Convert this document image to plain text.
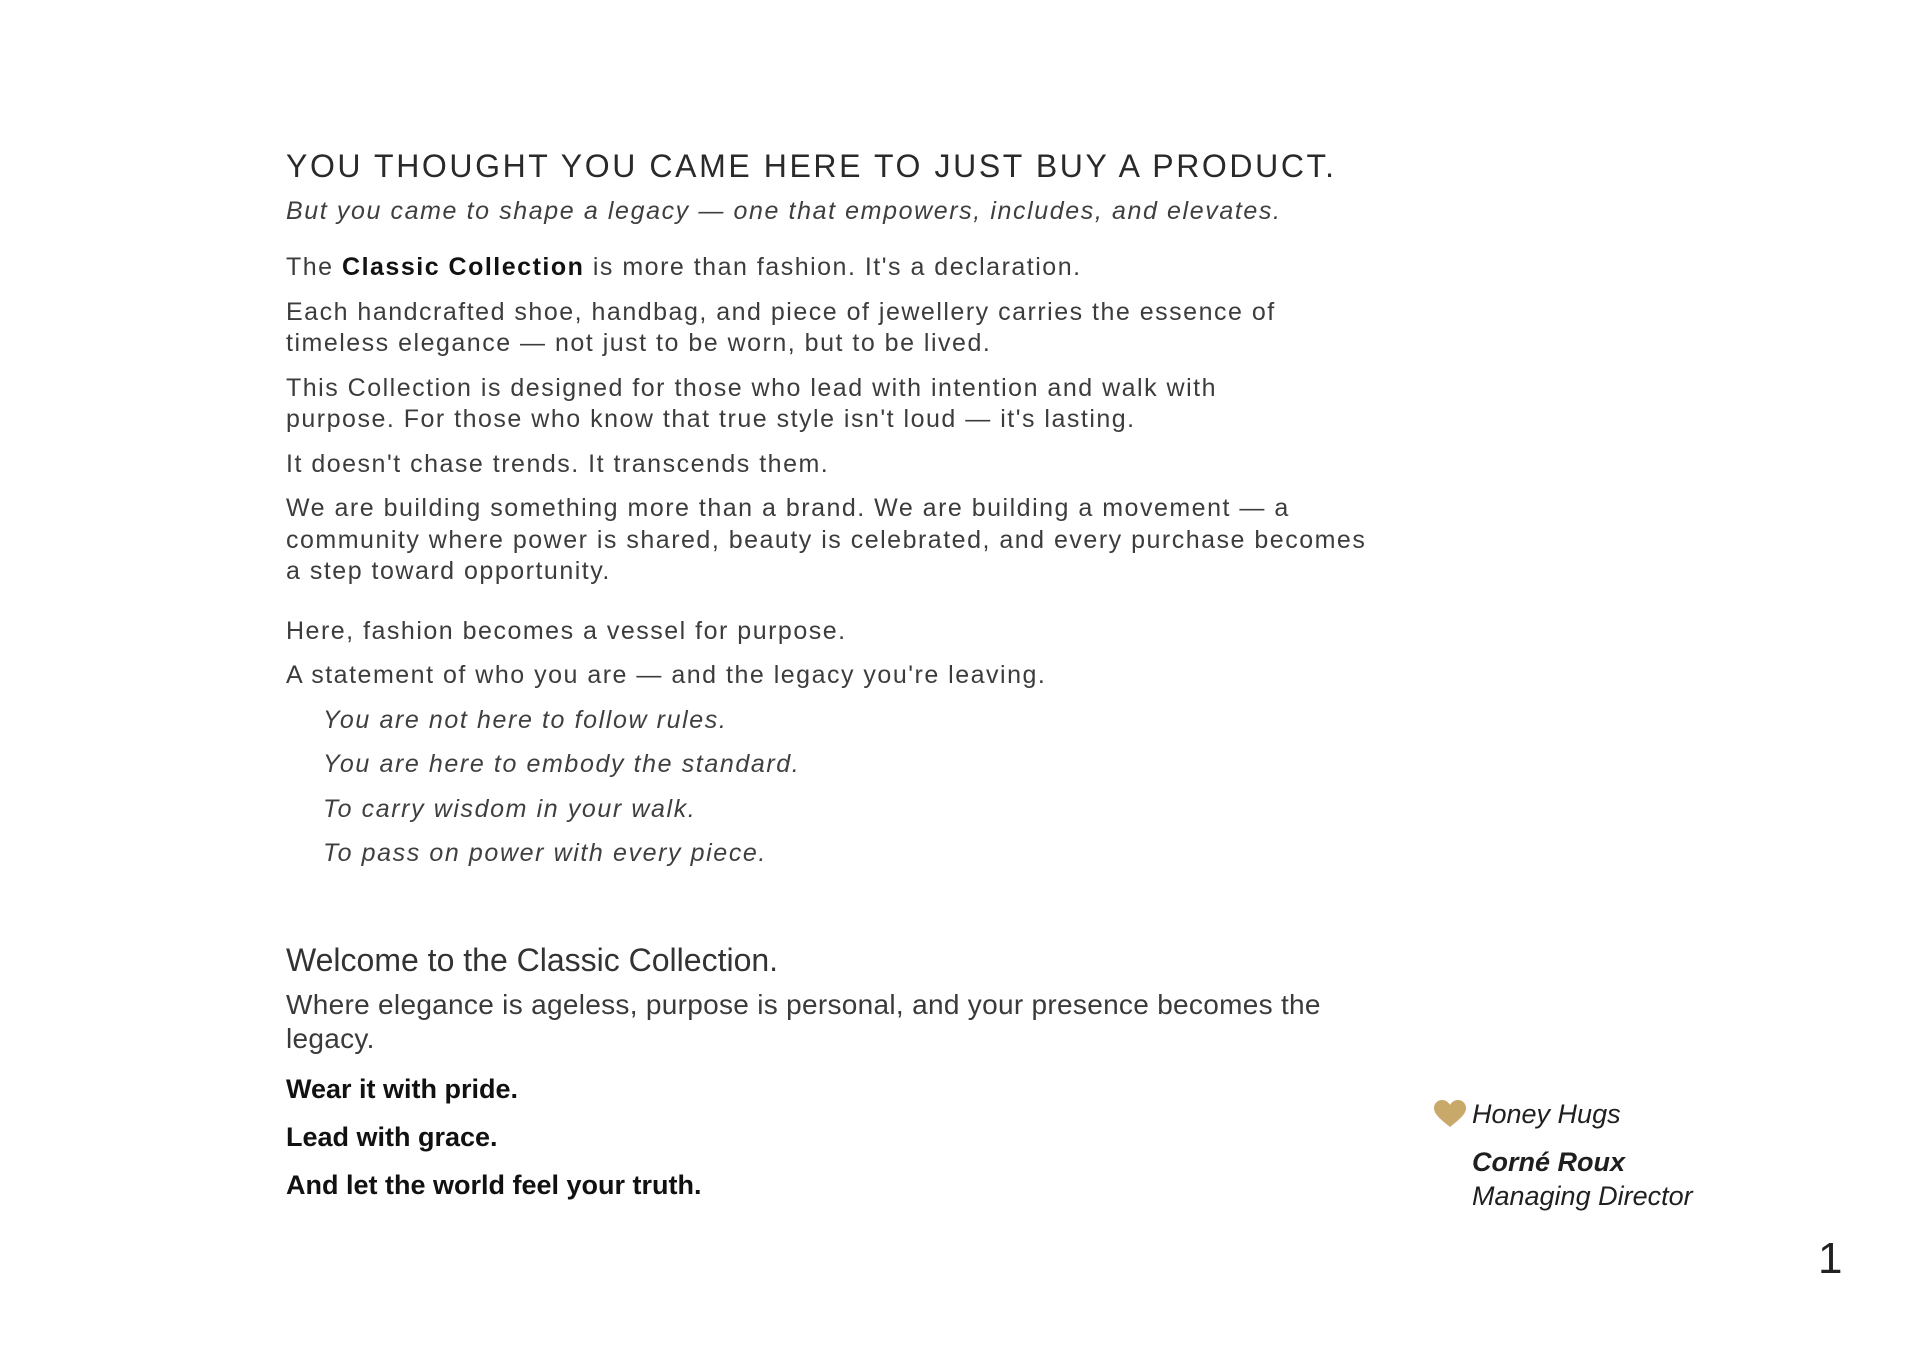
YOU THOUGHT YOU CAME HERE TO JUST BUY A PRODUCT.

But you came to shape a legacy — one that empowers, includes, and elevates.

The Classic Collection is more than fashion. It's a declaration.
Each handcrafted shoe, handbag, and piece of jewellery carries the essence of timeless elegance — not just to be worn, but to be lived.
This Collection is designed for those who lead with intention and walk with purpose. For those who know that true style isn't loud — it's lasting.
It doesn't chase trends. It transcends them.
We are building something more than a brand. We are building a movement — a community where power is shared, beauty is celebrated, and every purchase becomes a step toward opportunity.
Here, fashion becomes a vessel for purpose.
A statement of who you are — and the legacy you're leaving.
You are not here to follow rules.
You are here to embody the standard.
To carry wisdom in your walk.
To pass on power with every piece.
Welcome to the Classic Collection.
Where elegance is ageless, purpose is personal, and your presence becomes the legacy.
Wear it with pride.
Lead with grace.
And let the world feel your truth.
Honey Hugs
Corné Roux
Managing Director
1
